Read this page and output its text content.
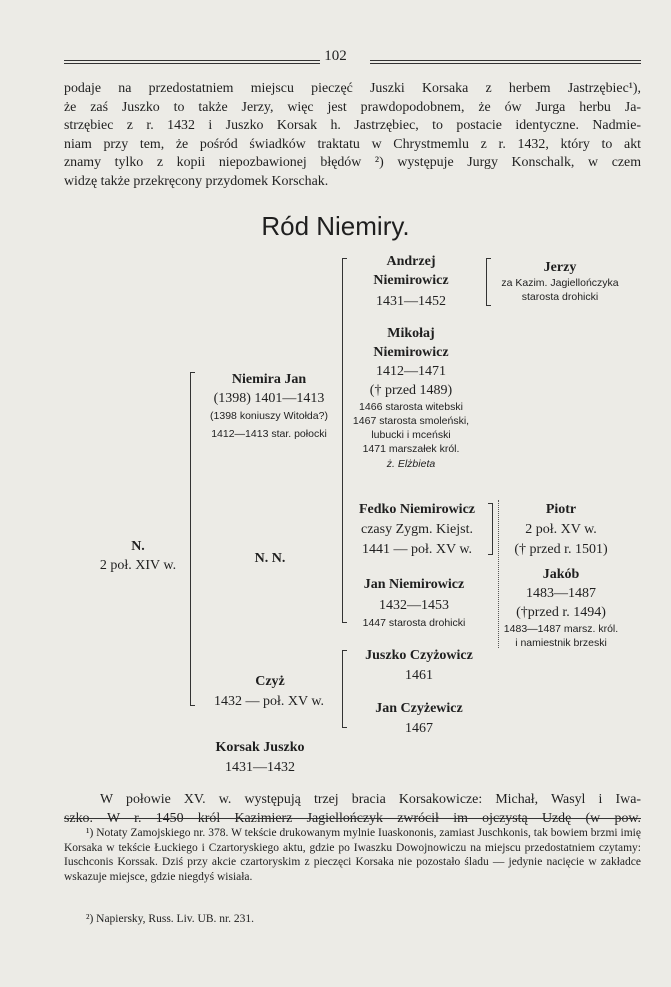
102
podaje na przedostatniem miejscu pieczęć Juszki Korsaka z herbem Jastrzębiec¹),
że zaś Juszko to także Jerzy, więc jest prawdopodobnem, że ów Jurga herbu Ja-
strzębiec z r. 1432 i Juszko Korsak h. Jastrzębiec, to postacie identyczne. Nadmie-
niam przy tem, że pośród świadków traktatu w Chrystmemlu z r. 1432, który to akt
znamy tylko z kopii niepozbawionej błędów ²) występuje Jurgy Konschalk, w czem
widzę także przekręcony przydomek Korschak.
Ród Niemiry.
N.
2 poł. XIV w.
Niemira Jan
(1398) 1401—1413
(1398 koniuszy Witołda?)
1412—1413 star. połocki
N. N.
Czyż
1432 — poł. XV w.
Korsak Juszko
1431—1432
Andrzej
Niemirowicz
1431—1452
Jerzy
za Kazim. Jagiellończyka
starosta drohicki
Mikołaj
Niemirowicz
1412—1471
(† przed 1489)
1466 starosta witebski
1467 starosta smoleński,
lubucki i mceński
1471 marszałek król.
ż. Elżbieta
Fedko Niemirowicz
czasy Zygm. Kiejst.
1441 — poł. XV w.
Piotr
2 poł. XV w.
(† przed r. 1501)
Jakób
1483—1487
(†przed r. 1494)
1483—1487 marsz. król.
i namiestnik brzeski
Jan Niemirowicz
1432—1453
1447 starosta drohicki
Juszko Czyżowicz
1461
Jan Czyżewicz
1467
W połowie XV. w. występują trzej bracia Korsakowicze: Michał, Wasyl i Iwa-
szko. W r. 1450 król Kazimierz Jagiellończyk zwrócił im ojczystą Uzdę (w pow.
¹) Notaty Zamojskiego nr. 378. W tekście drukowanym mylnie Iuaskononis, zamiast Juschkonis, tak bowiem brzmi imię Korsaka w tekście Łuckiego i Czartoryskiego aktu, gdzie po Iwaszku Dowojnowiczu na miejscu przedostatniem czytamy: Iuschconis Korssak. Dziś przy akcie czartoryskim z pieczęci Korsaka nie pozostało śladu — jedynie nacięcie w zakładce wskazuje miejsce, gdzie niegdyś wisiała.
²) Napiersky, Russ. Liv. UB. nr. 231.
